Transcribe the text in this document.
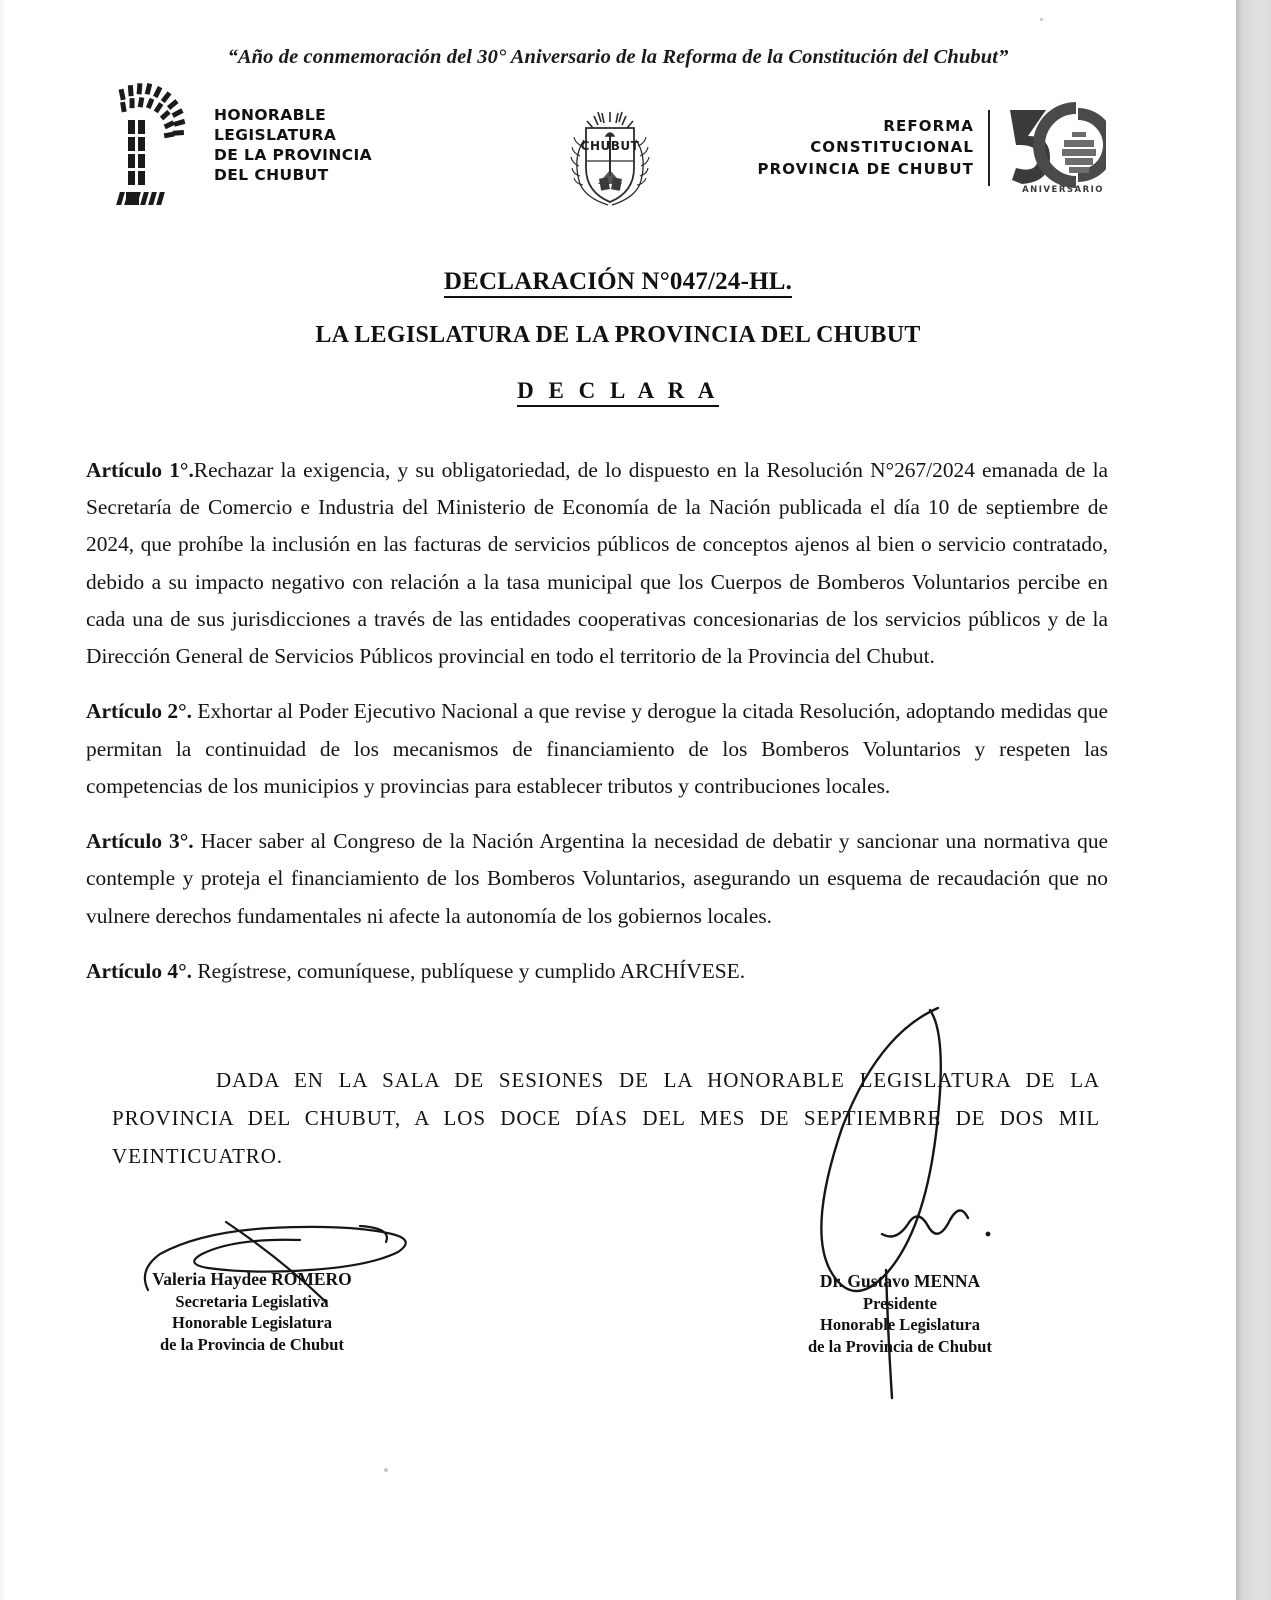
“Año de conmemoración del 30° Aniversario de la Reforma de la Constitución del Chubut”
HONORABLE
LEGISLATURA
DE LA PROVINCIA
DEL CHUBUT
CHUBUT
REFORMA
CONSTITUCIONAL
PROVINCIA DE CHUBUT
ANIVERSARIO
DECLARACIÓN N°047/24-HL.
LA LEGISLATURA DE LA PROVINCIA DEL CHUBUT
D E C L A R A

Artículo 1°.Rechazar la exigencia, y su obligatoriedad, de lo dispuesto en la Resolución N°267/2024 emanada de la Secretaría de Comercio e Industria del Ministerio de Economía de la Nación publicada el día 10 de septiembre de 2024, que prohíbe la inclusión en las facturas de servicios públicos de conceptos ajenos al bien o servicio contratado, debido a su impacto negativo con relación a la tasa municipal que los Cuerpos de Bomberos Voluntarios percibe en cada una de sus jurisdicciones a través de las entidades cooperativas concesionarias de los servicios públicos y de la Dirección General de Servicios Públicos provincial en todo el territorio de la Provincia del Chubut.

Artículo 2°. Exhortar al Poder Ejecutivo Nacional a que revise y derogue la citada Resolución, adoptando medidas que permitan la continuidad de los mecanismos de financiamiento de los Bomberos Voluntarios y respeten las competencias de los municipios y provincias para establecer tributos y contribuciones locales.

Artículo 3°. Hacer saber al Congreso de la Nación Argentina la necesidad de debatir y sancionar una normativa que contemple y proteja el financiamiento de los Bomberos Voluntarios, asegurando un esquema de recaudación que no vulnere derechos fundamentales ni afecte la autonomía de los gobiernos locales.

Artículo 4°. Regístrese, comuníquese, publíquese y cumplido ARCHÍVESE.

DADA EN LA SALA DE SESIONES DE LA HONORABLE LEGISLATURA DE LA PROVINCIA DEL CHUBUT, A LOS DOCE DÍAS DEL MES DE SEPTIEMBRE DE DOS MIL VEINTICUATRO.
Valeria Haydee ROMERO
Secretaria Legislativa
Honorable Legislatura
de la Provincia de Chubut
Dr. Gustavo MENNA
Presidente
Honorable Legislatura
de la Provincia de Chubut
